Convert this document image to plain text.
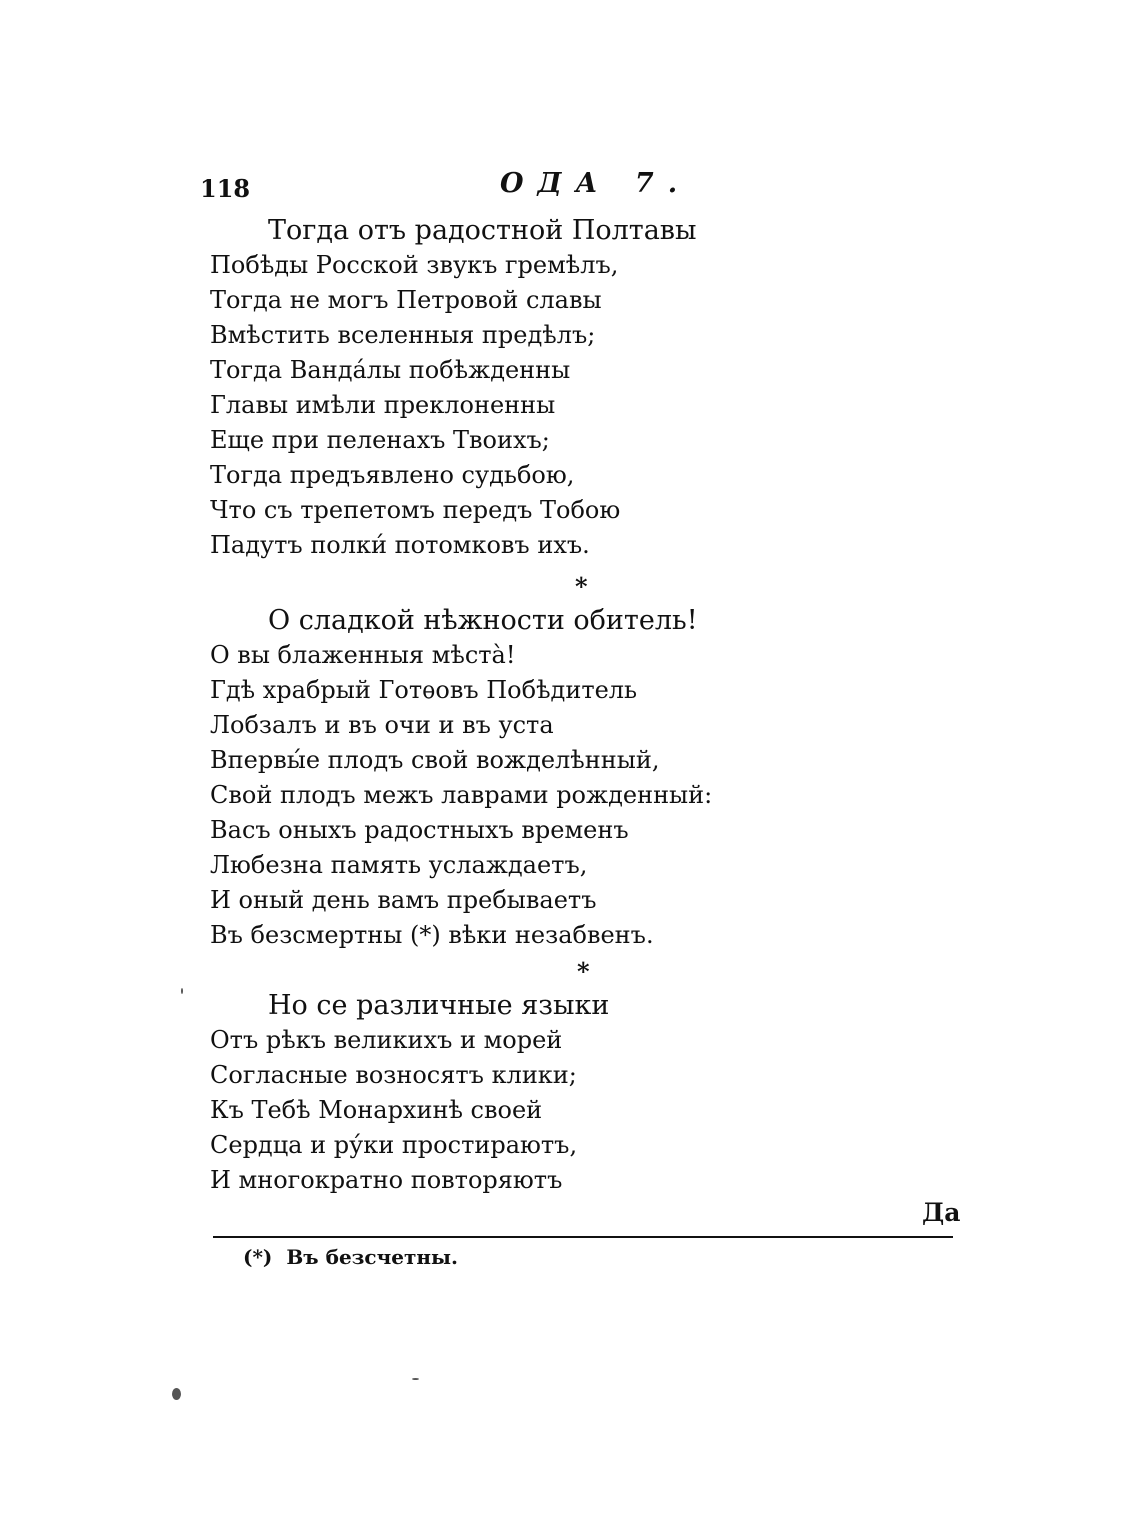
118	ОДА 7.
Тогда отъ радостной Полтавы
Побѣды Росской звукъ гремѣлъ,
Тогда не могъ Петровой славы
Вмѣстить вселенныя предѣлъ;
Тогда Вандáлы побѣжденны
Главы имѣли преклоненны
Еще при пеленахъ Твоихъ;
Тогда предъявлено судьбою,
Что съ трепетомъ передъ Тобою
Падутъ полки́ потомковъ ихъ.
*
О сладкой нѣжности обитель!
О вы блаженныя мѣстà!
Гдѣ храбрый Готѳовъ Побѣдитель
Лобзалъ и въ очи и въ уста
Впервы́е плодъ свой вожделѣнный,
Свой плодъ межъ лаврами рожденный:
Васъ оныхъ радостныхъ временъ
Любезна память услаждаетъ,
И оный день вамъ пребываетъ
Въ безсмертны (*) вѣки незабвенъ.
*
Но се различные языки
Отъ рѣкъ великихъ и морей
Согласные возносятъ клики;
Къ Тебѣ Монархинѣ своей
Сердца и ру́ки простираютъ,
И многократно повторяютъ
Да
(*) Въ безсчетны.
